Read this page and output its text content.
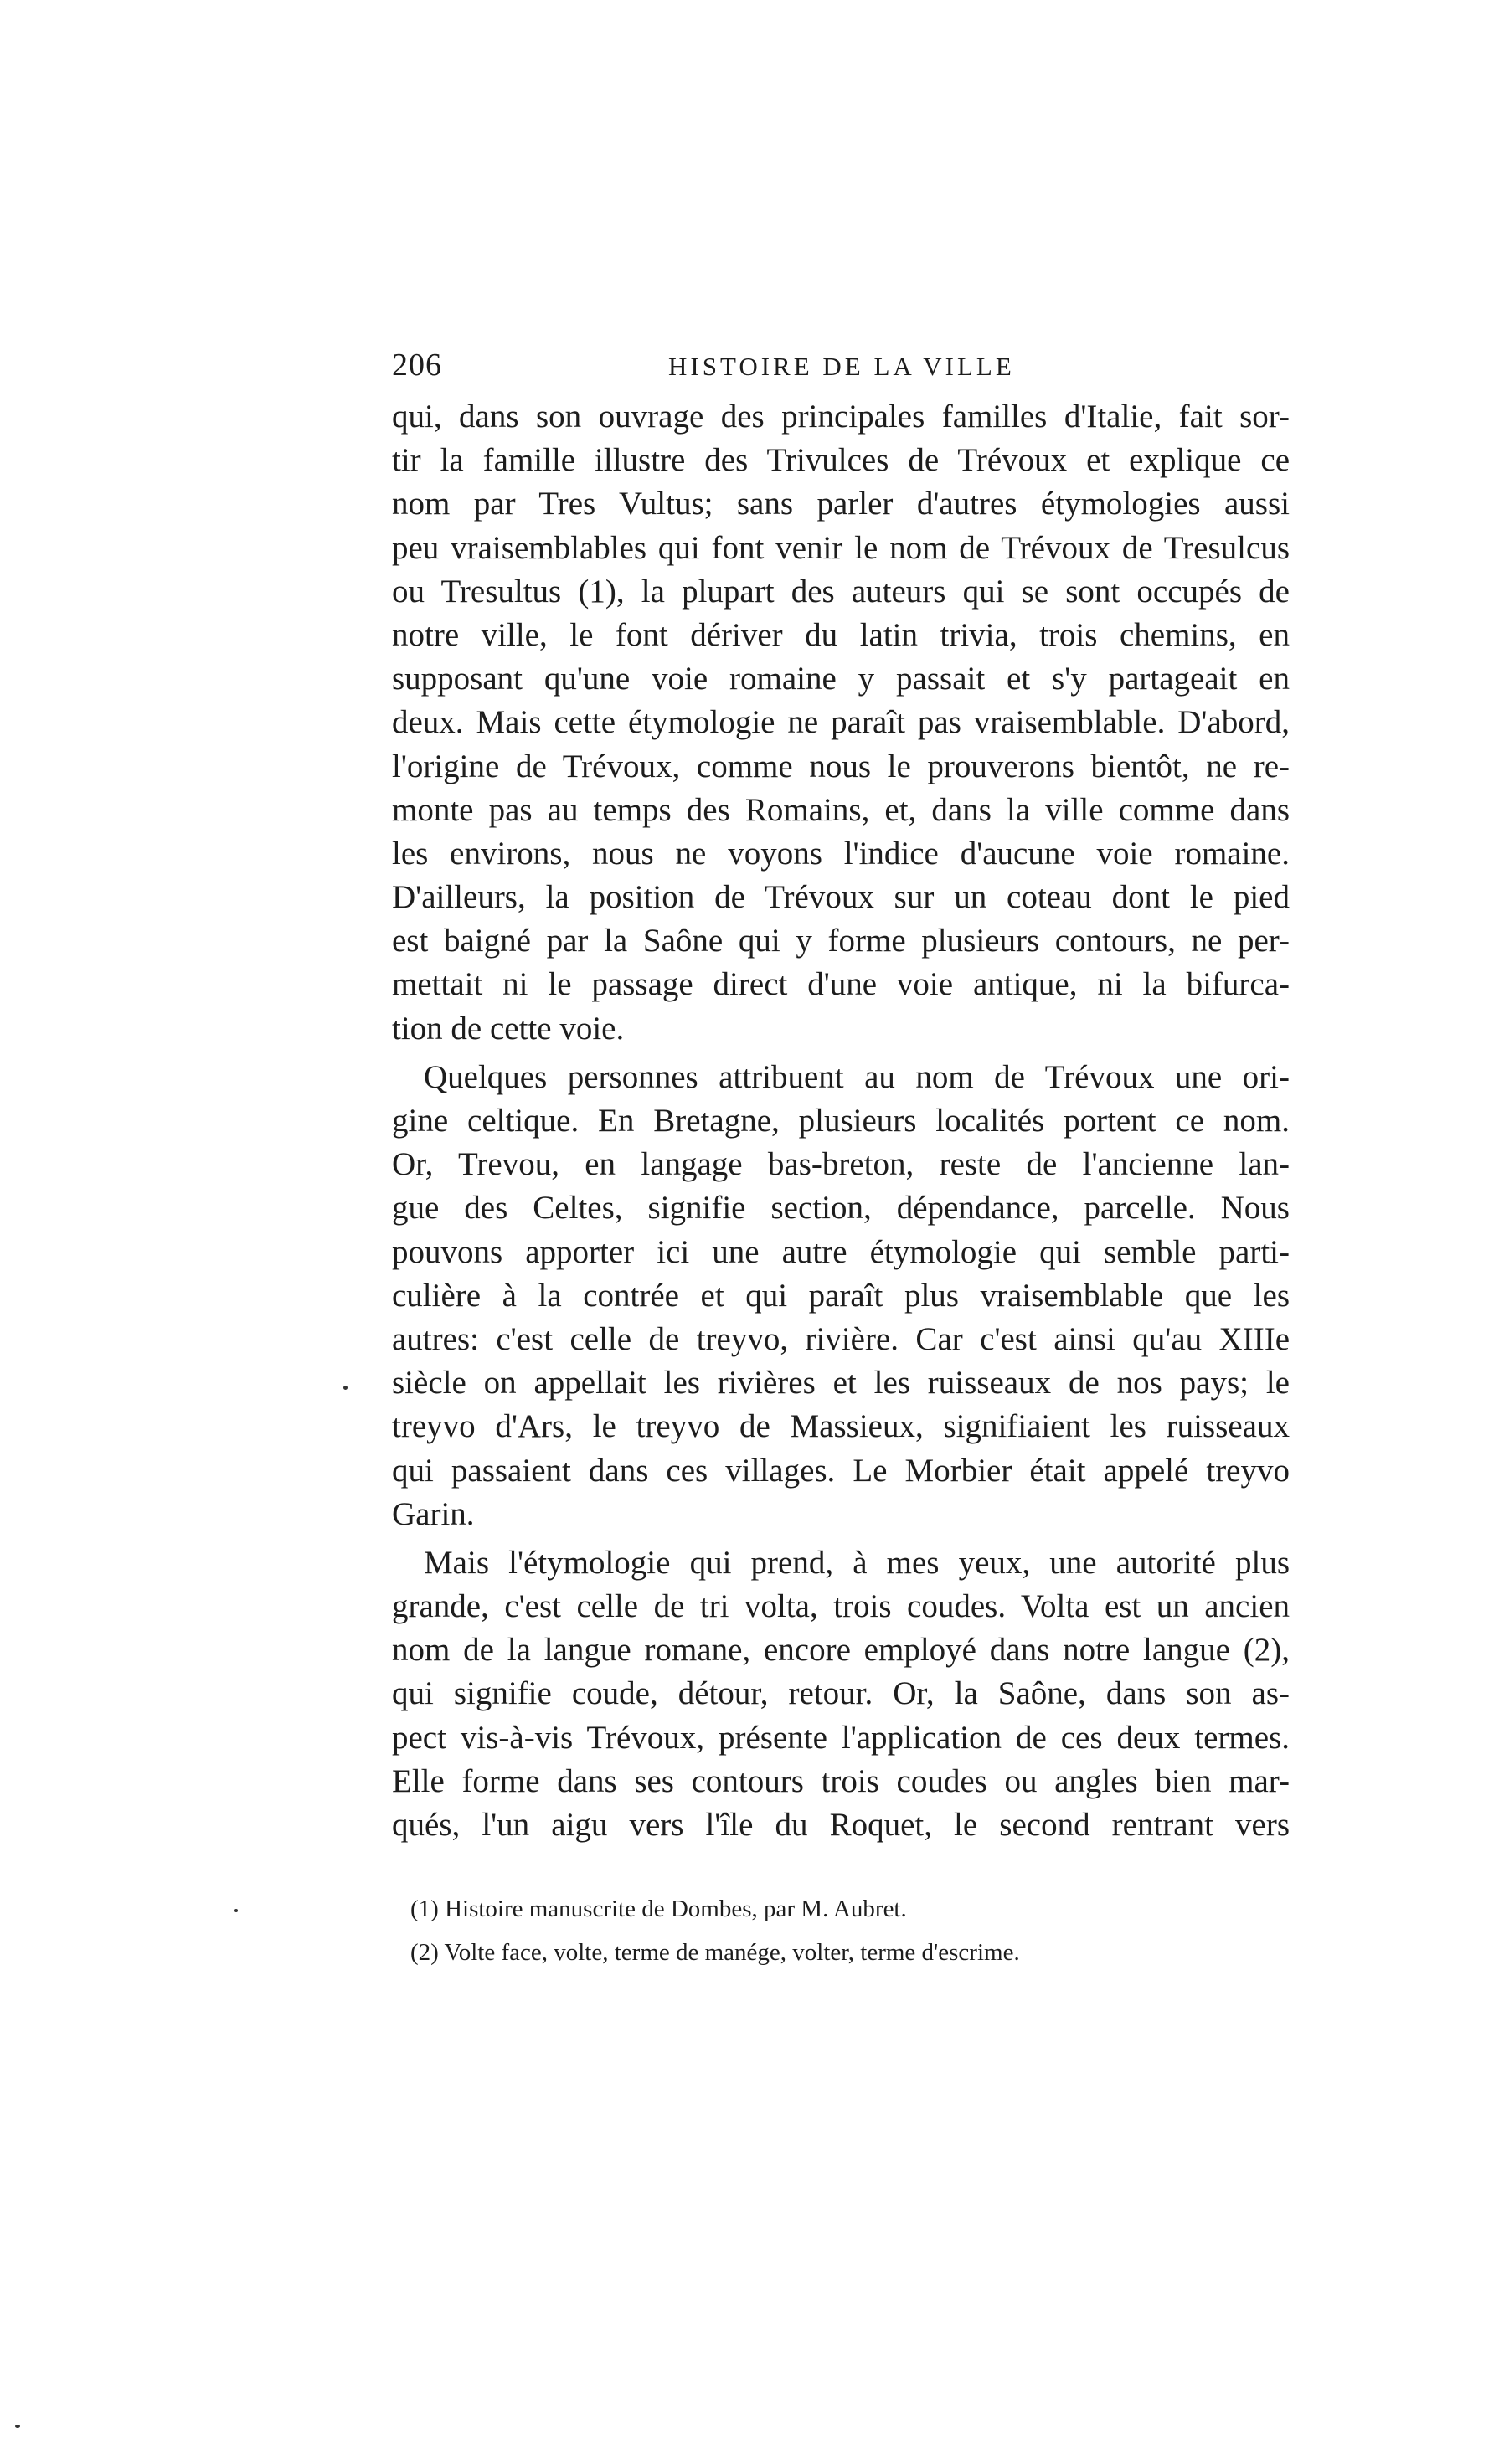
206	HISTOIRE DE LA VILLE
qui, dans son ouvrage des principales familles d'Italie, fait sor-
tir la famille illustre des Trivulces de Trévoux et explique ce
nom par Tres Vultus; sans parler d'autres étymologies aussi
peu vraisemblables qui font venir le nom de Trévoux de Tresulcus
ou Tresultus (1), la plupart des auteurs qui se sont occupés de
notre ville, le font dériver du latin trivia, trois chemins, en
supposant qu'une voie romaine y passait et s'y partageait en
deux. Mais cette étymologie ne paraît pas vraisemblable. D'abord,
l'origine de Trévoux, comme nous le prouverons bientôt, ne re-
monte pas au temps des Romains, et, dans la ville comme dans
les environs, nous ne voyons l'indice d'aucune voie romaine.
D'ailleurs, la position de Trévoux sur un coteau dont le pied
est baigné par la Saône qui y forme plusieurs contours, ne per-
mettait ni le passage direct d'une voie antique, ni la bifurca-
tion de cette voie.
Quelques personnes attribuent au nom de Trévoux une ori-
gine celtique. En Bretagne, plusieurs localités portent ce nom.
Or, Trevou, en langage bas-breton, reste de l'ancienne lan-
gue des Celtes, signifie section, dépendance, parcelle. Nous
pouvons apporter ici une autre étymologie qui semble parti-
culière à la contrée et qui paraît plus vraisemblable que les
autres: c'est celle de treyvo, rivière. Car c'est ainsi qu'au XIIIe
siècle on appellait les rivières et les ruisseaux de nos pays; le
treyvo d'Ars, le treyvo de Massieux, signifiaient les ruisseaux
qui passaient dans ces villages. Le Morbier était appelé treyvo
Garin.
Mais l'étymologie qui prend, à mes yeux, une autorité plus
grande, c'est celle de tri volta, trois coudes. Volta est un ancien
nom de la langue romane, encore employé dans notre langue (2),
qui signifie coude, détour, retour. Or, la Saône, dans son as-
pect vis-à-vis Trévoux, présente l'application de ces deux termes.
Elle forme dans ses contours trois coudes ou angles bien mar-
qués, l'un aigu vers l'île du Roquet, le second rentrant vers
(1) Histoire manuscrite de Dombes, par M. Aubret.
(2) Volte face, volte, terme de manége, volter, terme d'escrime.
